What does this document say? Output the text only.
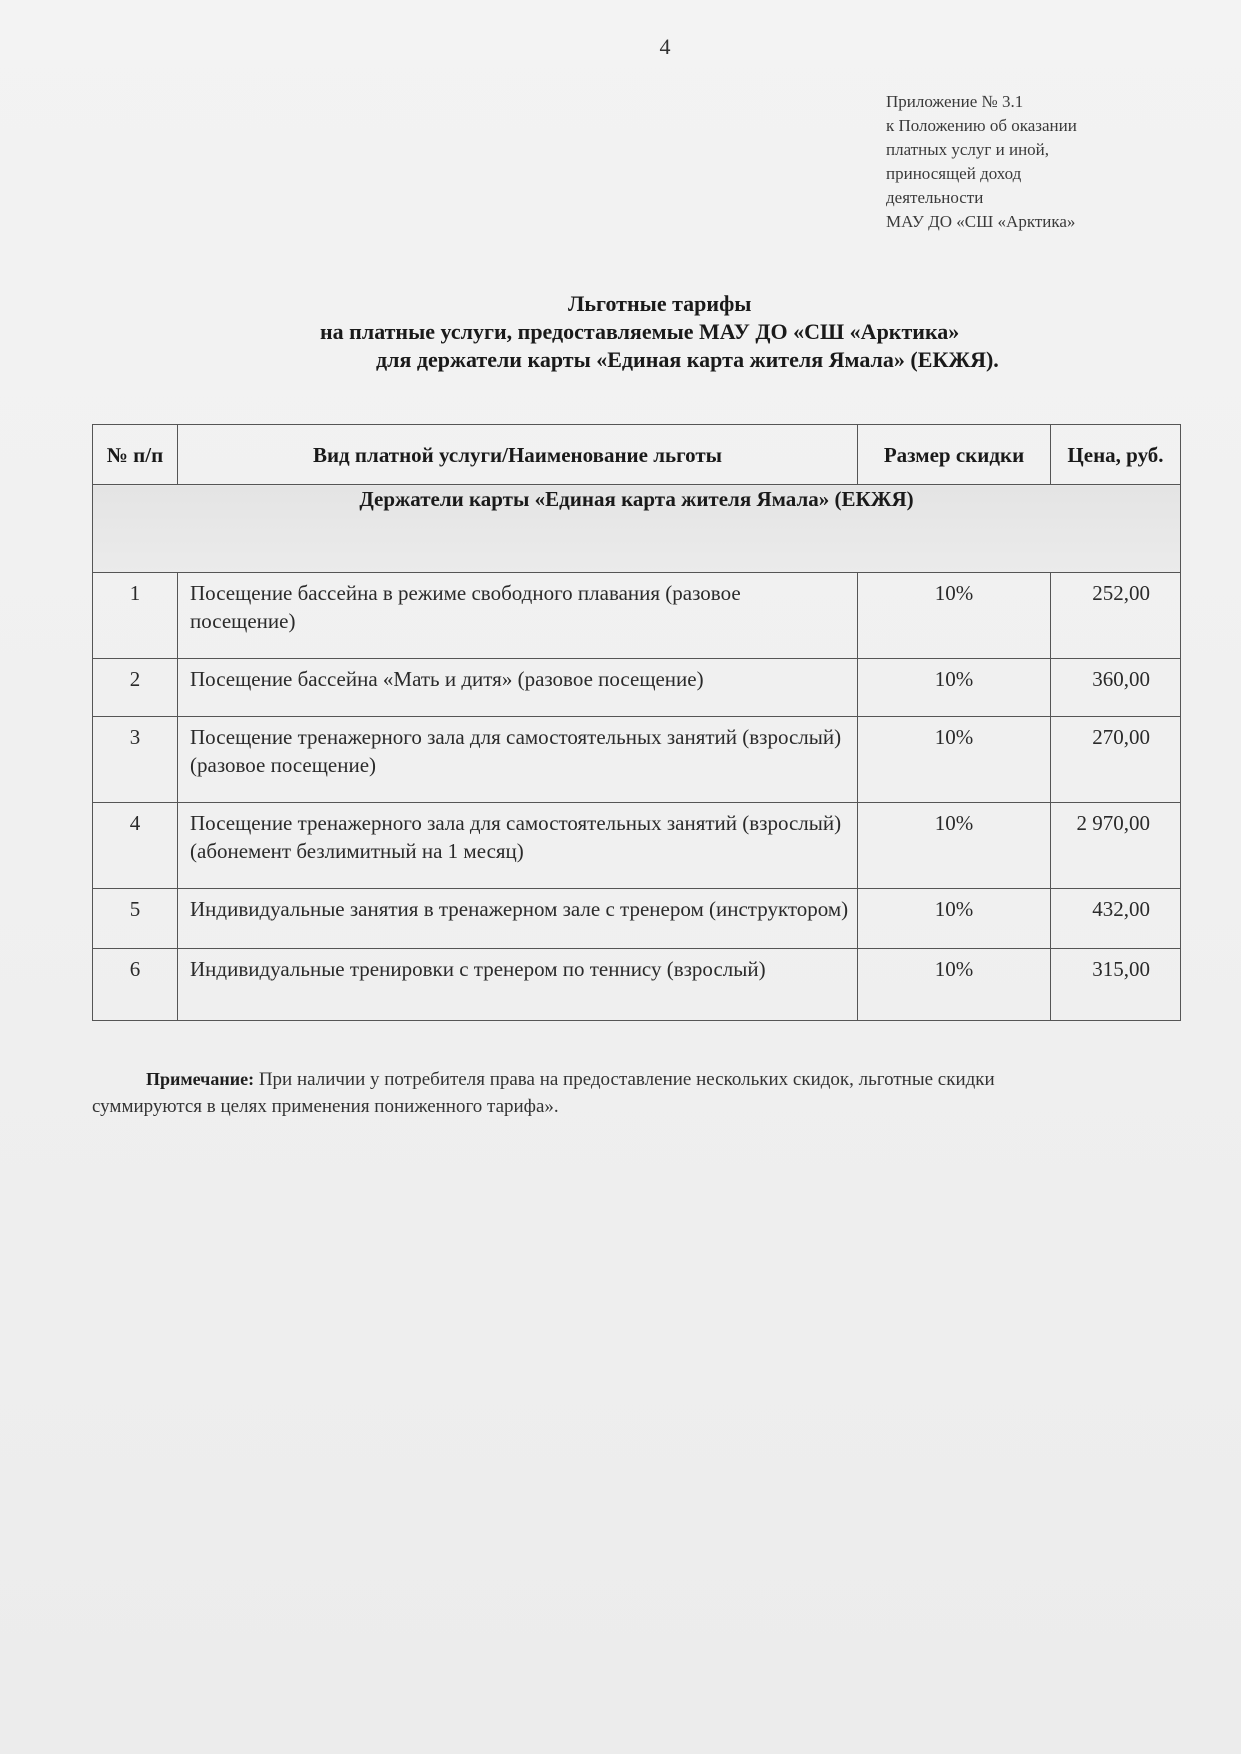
4
Приложение № 3.1
к Положению об оказании
платных услуг и иной,
приносящей доход
деятельности
МАУ ДО «СШ «Арктика»
Льготные тарифы
на платные услуги, предоставляемые МАУ ДО «СШ «Арктика»
для держатели карты «Единая карта жителя Ямала» (ЕКЖЯ).
№ п/п	Вид платной услуги/Наименование льготы	Размер скидки	Цена, руб.
Держатели карты «Единая карта жителя Ямала» (ЕКЖЯ)			
1	Посещение бассейна в режиме свободного плавания (разовое посещение)	10%	252,00
2	Посещение бассейна «Мать и дитя» (разовое посещение)	10%	360,00
3	Посещение тренажерного зала для самостоятельных занятий (взрослый) (разовое посещение)	10%	270,00
4	Посещение тренажерного зала для самостоятельных занятий (взрослый) (абонемент безлимитный на 1 месяц)	10%	2 970,00
5	Индивидуальные занятия в тренажерном зале с тренером (инструктором)	10%	432,00
6	Индивидуальные тренировки с тренером по теннису (взрослый)	10%	315,00
Примечание: При наличии у потребителя права на предоставление нескольких скидок, льготные скидки
суммируются в целях применения пониженного тарифа».
